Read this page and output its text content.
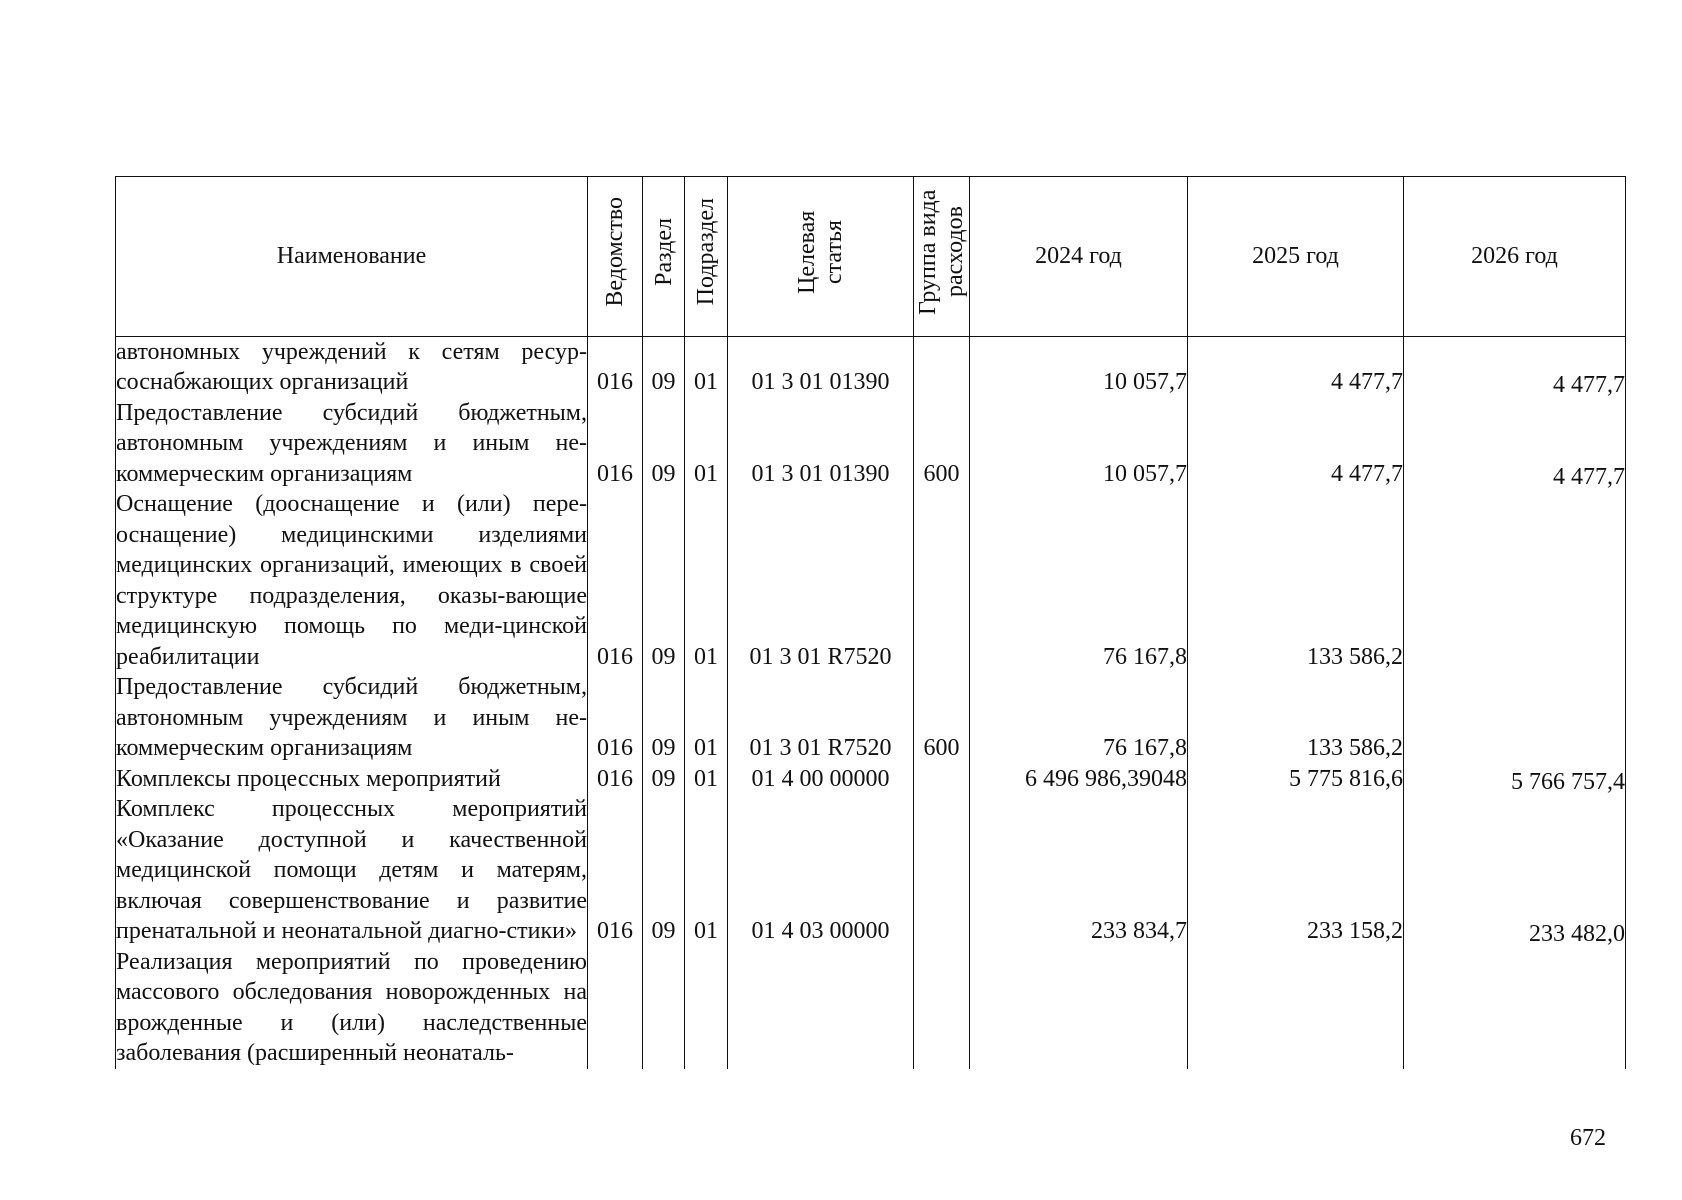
Наименование	Ведомство	Раздел	Подраздел	Целевая статья	Группа вида расходов	2024 год	2025 год	2026 год
автономных учреждений к сетям ресур-соснабжающих организаций	016	09	01	01 3 01 01390		10 057,7	4 477,7	4 477,7
Предоставление субсидий бюджетным, автономным учреждениям и иным не-коммерческим организациям	016	09	01	01 3 01 01390	600	10 057,7	4 477,7	4 477,7
Оснащение (дооснащение и (или) пере-оснащение) медицинскими изделиями медицинских организаций, имеющих в своей структуре подразделения, оказы-вающие медицинскую помощь по меди-цинской реабилитации	016	09	01	01 3 01 R7520		76 167,8	133 586,2	
Предоставление субсидий бюджетным, автономным учреждениям и иным не-коммерческим организациям	016	09	01	01 3 01 R7520	600	76 167,8	133 586,2	
Комплексы процессных мероприятий	016	09	01	01 4 00 00000		6 496 986,39048	5 775 816,6	5 766 757,4
Комплекс процессных мероприятий «Оказание доступной и качественной медицинской помощи детям и матерям, включая совершенствование и развитие пренатальной и неонатальной диагно-стики»	016	09	01	01 4 03 00000		233 834,7	233 158,2	233 482,0
Реализация мероприятий по проведению массового обследования новорожденных на врожденные и (или) наследственные заболевания (расширенный неонаталь-								
672
